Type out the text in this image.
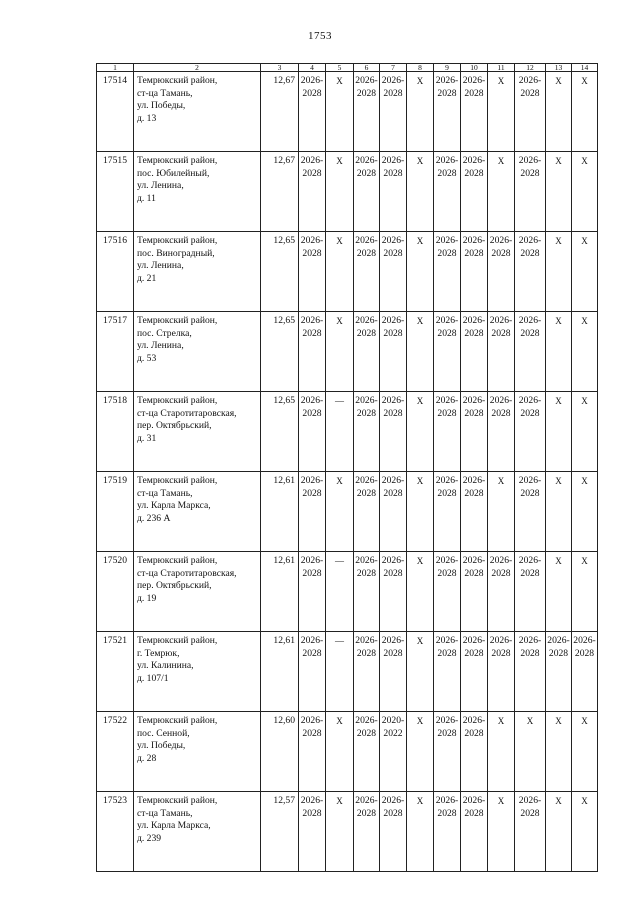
1753
1	2	3	4	5	6	7	8	9	10	11	12	13	14
17514	Темрюкский район,
ст-ца Тамань,
ул. Победы,
д. 13	12,67	2026-
2028	Х	2026-
2028	2026-
2028	Х	2026-
2028	2026-
2028	Х	2026-
2028	Х	Х

17515	Темрюкский район,
пос. Юбилейный,
ул. Ленина,
д. 11	12,67	2026-
2028	Х	2026-
2028	2026-
2028	Х	2026-
2028	2026-
2028	Х	2026-
2028	Х	Х

17516	Темрюкский район,
пос. Виноградный,
ул. Ленина,
д. 21	12,65	2026-
2028	Х	2026-
2028	2026-
2028	Х	2026-
2028	2026-
2028	2026-
2028	2026-
2028	Х	Х

17517	Темрюкский район,
пос. Стрелка,
ул. Ленина,
д. 53	12,65	2026-
2028	Х	2026-
2028	2026-
2028	Х	2026-
2028	2026-
2028	2026-
2028	2026-
2028	Х	Х

17518	Темрюкский район,
ст-ца Старотитаровская,
пер. Октябрьский,
д. 31	12,65	2026-
2028	—	2026-
2028	2026-
2028	Х	2026-
2028	2026-
2028	2026-
2028	2026-
2028	Х	Х

17519	Темрюкский район,
ст-ца Тамань,
ул. Карла Маркса,
д. 236 А	12,61	2026-
2028	Х	2026-
2028	2026-
2028	Х	2026-
2028	2026-
2028	Х	2026-
2028	Х	Х

17520	Темрюкский район,
ст-ца Старотитаровская,
пер. Октябрьский,
д. 19	12,61	2026-
2028	—	2026-
2028	2026-
2028	Х	2026-
2028	2026-
2028	2026-
2028	2026-
2028	Х	Х

17521	Темрюкский район,
г. Темрюк,
ул. Калинина,
д. 107/1	12,61	2026-
2028	—	2026-
2028	2026-
2028	Х	2026-
2028	2026-
2028	2026-
2028	2026-
2028	2026-
2028	2026-
2028

17522	Темрюкский район,
пос. Сенной,
ул. Победы,
д. 28	12,60	2026-
2028	Х	2026-
2028	2020-
2022	Х	2026-
2028	2026-
2028	Х	Х	Х	Х

17523	Темрюкский район,
ст-ца Тамань,
ул. Карла Маркса,
д. 239	12,57	2026-
2028	Х	2026-
2028	2026-
2028	Х	2026-
2028	2026-
2028	Х	2026-
2028	Х	Х
